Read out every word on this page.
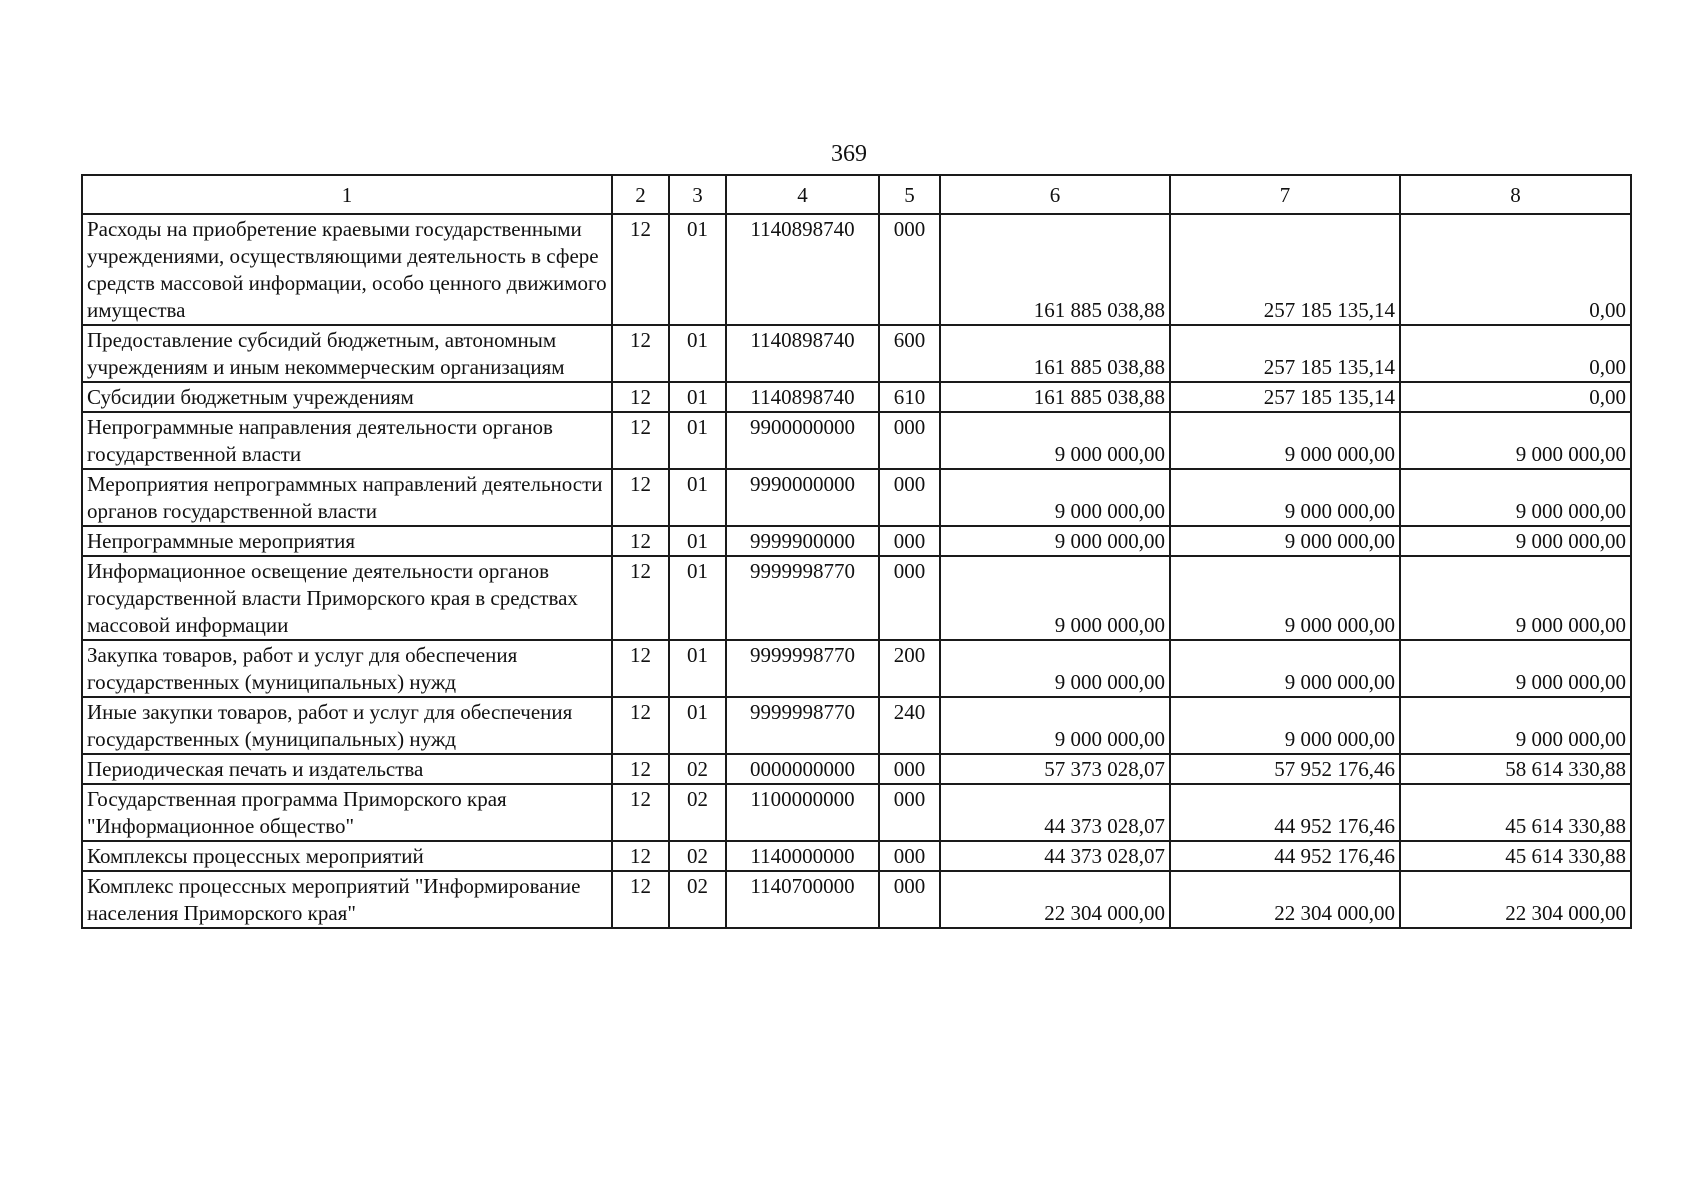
369
1	2	3	4	5	6	7	8
Расходы на приобретение краевыми государственными учреждениями, осуществляющими деятельность в сфере средств массовой информации, особо ценного движимого имущества	12	01	1140898740	000	161 885 038,88	257 185 135,14	0,00
Предоставление субсидий бюджетным, автономным учреждениям и иным некоммерческим организациям	12	01	1140898740	600	161 885 038,88	257 185 135,14	0,00
Субсидии бюджетным учреждениям	12	01	1140898740	610	161 885 038,88	257 185 135,14	0,00
Непрограммные направления деятельности органов государственной власти	12	01	9900000000	000	9 000 000,00	9 000 000,00	9 000 000,00
Мероприятия непрограммных направлений деятельности органов государственной власти	12	01	9990000000	000	9 000 000,00	9 000 000,00	9 000 000,00
Непрограммные мероприятия	12	01	9999900000	000	9 000 000,00	9 000 000,00	9 000 000,00
Информационное освещение деятельности органов государственной власти Приморского края в средствах массовой информации	12	01	9999998770	000	9 000 000,00	9 000 000,00	9 000 000,00
Закупка товаров, работ и услуг для обеспечения государственных (муниципальных) нужд	12	01	9999998770	200	9 000 000,00	9 000 000,00	9 000 000,00
Иные закупки товаров, работ и услуг для обеспечения государственных (муниципальных) нужд	12	01	9999998770	240	9 000 000,00	9 000 000,00	9 000 000,00
Периодическая печать и издательства	12	02	0000000000	000	57 373 028,07	57 952 176,46	58 614 330,88
Государственная программа Приморского края "Информационное общество"	12	02	1100000000	000	44 373 028,07	44 952 176,46	45 614 330,88
Комплексы процессных мероприятий	12	02	1140000000	000	44 373 028,07	44 952 176,46	45 614 330,88
Комплекс процессных мероприятий "Информирование населения Приморского края"	12	02	1140700000	000	22 304 000,00	22 304 000,00	22 304 000,00
